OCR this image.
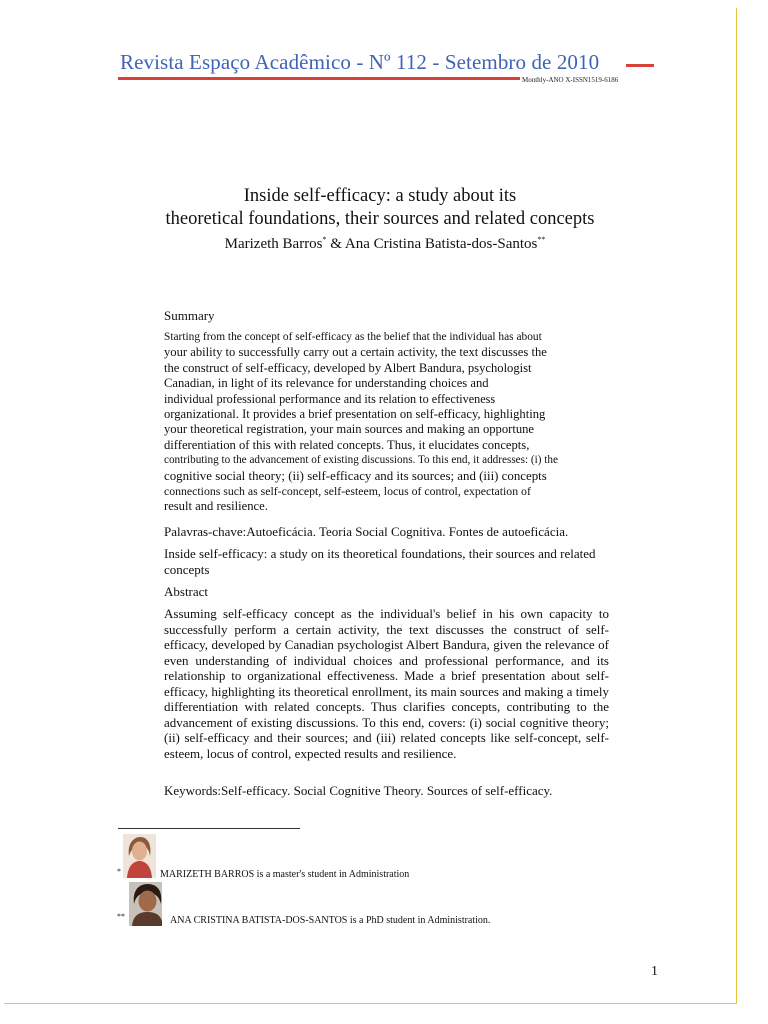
Revista Espaço Acadêmico - Nº 112 - Setembro de 2010
Monthly-ANO X-ISSN1519-6186
Inside self-efficacy: a study about its
theoretical foundations, their sources and related concepts
Marizeth Barros* & Ana Cristina Batista-dos-Santos**
Summary
Starting from the concept of self-efficacy as the belief that the individual has about
your ability to successfully carry out a certain activity, the text discusses the
the construct of self-efficacy, developed by Albert Bandura, psychologist
Canadian, in light of its relevance for understanding choices and
individual professional performance and its relation to effectiveness
organizational. It provides a brief presentation on self-efficacy, highlighting
your theoretical registration, your main sources and making an opportune
differentiation of this with related concepts. Thus, it elucidates concepts,
contributing to the advancement of existing discussions. To this end, it addresses: (i) the
cognitive social theory; (ii) self-efficacy and its sources; and (iii) concepts
connections such as self-concept, self-esteem, locus of control, expectation of
result and resilience.
Palavras-chave:Autoeficácia. Teoria Social Cognitiva. Fontes de autoeficácia.
Inside self-efficacy: a study on its theoretical foundations, their sources and related concepts
Abstract
Assuming self-efficacy concept as the individual's belief in his own capacity to successfully perform a certain activity, the text discusses the construct of self-efficacy, developed by Canadian psychologist Albert Bandura, given the relevance of even understanding of individual choices and professional performance, and its relationship to organizational effectiveness. Made a brief presentation about self-efficacy, highlighting its theoretical enrollment, its main sources and making a timely differentiation with related concepts. Thus clarifies concepts, contributing to the advancement of existing discussions. To this end, covers: (i) social cognitive theory; (ii) self-efficacy and their sources; and (iii) related concepts like self-concept, self-esteem, locus of control, expected results and resilience.
Keywords:Self-efficacy. Social Cognitive Theory. Sources of self-efficacy.
*	MARIZETH BARROS is a master's student in Administration
**	ANA CRISTINA BATISTA-DOS-SANTOS is a PhD student in Administration.
1
